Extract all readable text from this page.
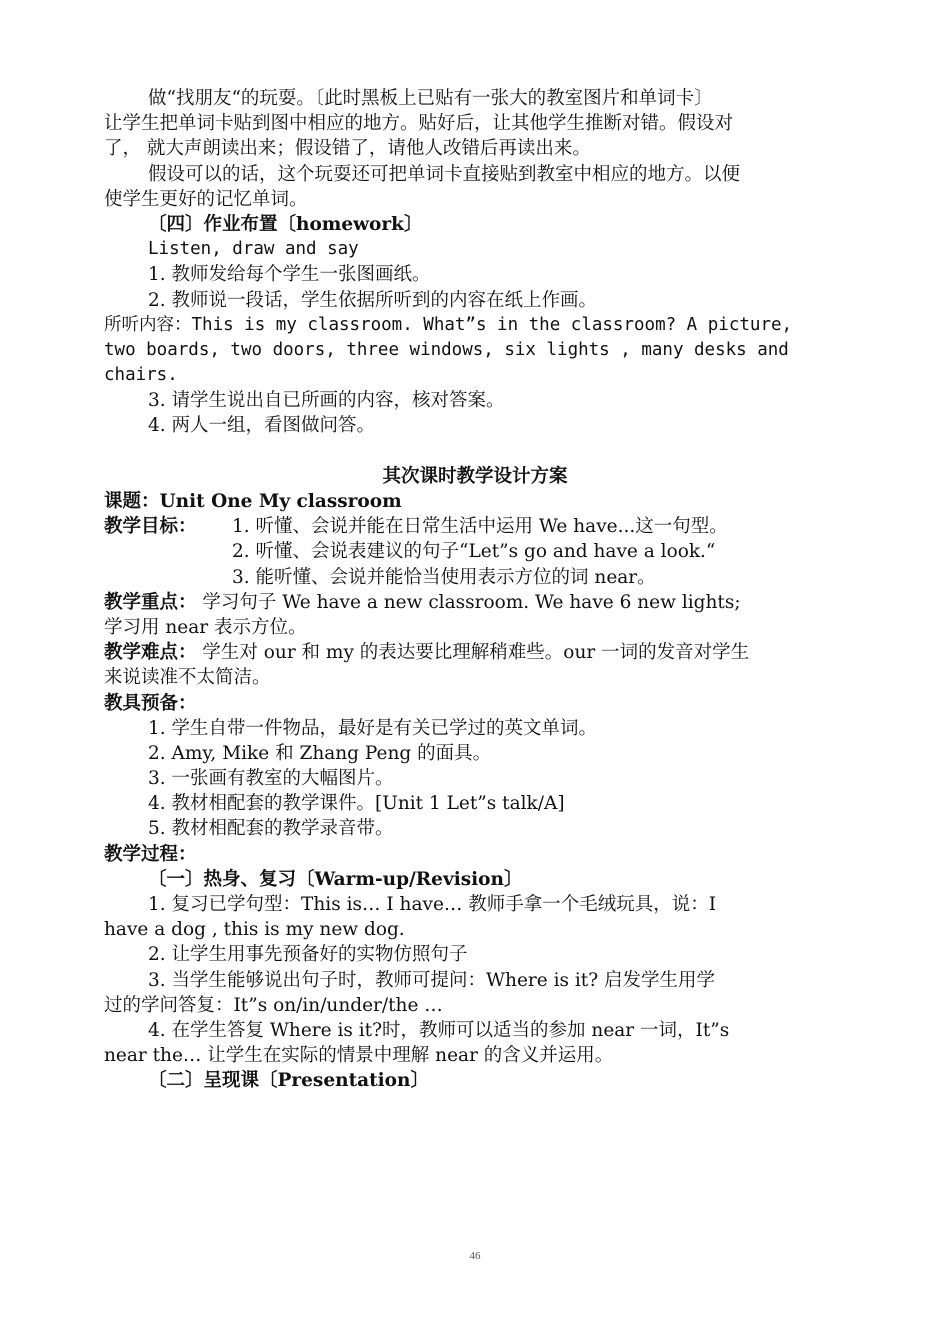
做“找朋友“的玩耍。〔此时黑板上已贴有一张大的教室图片和单词卡〕
让学生把单词卡贴到图中相应的地方。贴好后，让其他学生推断对错。假设对
了， 就大声朗读出来；假设错了，请他人改错后再读出来。
假设可以的话，这个玩耍还可把单词卡直接贴到教室中相应的地方。以便
使学生更好的记忆单词。
〔四〕作业布置〔homework〕
Listen, draw and say
1. 教师发给每个学生一张图画纸。
2. 教师说一段话，学生依据所听到的内容在纸上作画。
所听内容：This is my classroom. What”s in the classroom? A picture,
two boards, two doors, three windows, six lights , many desks and
chairs.
3. 请学生说出自已所画的内容，核对答案。
4. 两人一组，看图做问答。
其次课时教学设计方案
课题：Unit One My classroom
教学目标： 1. 听懂、会说并能在日常生活中运用 We have...这一句型。
2. 听懂、会说表建议的句子“Let”s go and have a look.“
3. 能听懂、会说并能恰当使用表示方位的词 near。
教学重点： 学习句子 We have a new classroom. We have 6 new lights;
学习用 near 表示方位。
教学难点： 学生对 our 和 my 的表达要比理解稍难些。our 一词的发音对学生
来说读准不太简洁。
教具预备：
1. 学生自带一件物品，最好是有关已学过的英文单词。
2. Amy, Mike 和 Zhang Peng 的面具。
3. 一张画有教室的大幅图片。
4. 教材相配套的教学课件。[Unit 1 Let”s talk/A]
5. 教材相配套的教学录音带。
教学过程：
〔一〕热身、复习〔Warm-up/Revision〕
1. 复习已学句型：This is… I have… 教师手拿一个毛绒玩具，说：I
have a dog , this is my new dog.
2. 让学生用事先预备好的实物仿照句子
3. 当学生能够说出句子时，教师可提问：Where is it? 启发学生用学
过的学问答复：It”s on/in/under/the …
4. 在学生答复 Where is it?时，教师可以适当的参加 near 一词，It”s
near the… 让学生在实际的情景中理解 near 的含义并运用。
〔二〕呈现课〔Presentation〕
46
